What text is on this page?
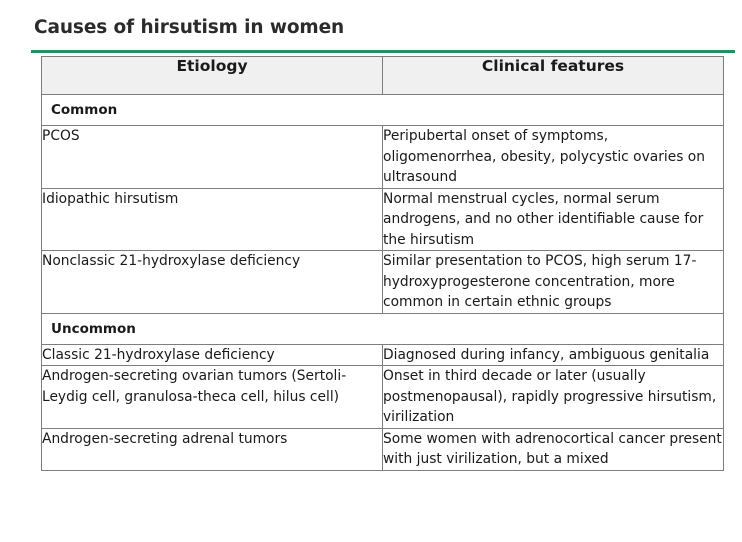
Causes of hirsutism in women
Etiology	Clinical features
Common	
PCOS	Peripubertal onset of symptoms, oligomenorrhea, obesity, polycystic ovaries on ultrasound
Idiopathic hirsutism	Normal menstrual cycles, normal serum androgens, and no other identifiable cause for the hirsutism
Nonclassic 21-hydroxylase deficiency	Similar presentation to PCOS, high serum 17-hydroxyprogesterone concentration, more common in certain ethnic groups
Uncommon	
Classic 21-hydroxylase deficiency	Diagnosed during infancy, ambiguous genitalia
Androgen-secreting ovarian tumors (Sertoli-Leydig cell, granulosa-theca cell, hilus cell)	Onset in third decade or later (usually postmenopausal), rapidly progressive hirsutism, virilization
Androgen-secreting adrenal tumors	Some women with adrenocortical cancer present with just virilization, but a mixed
